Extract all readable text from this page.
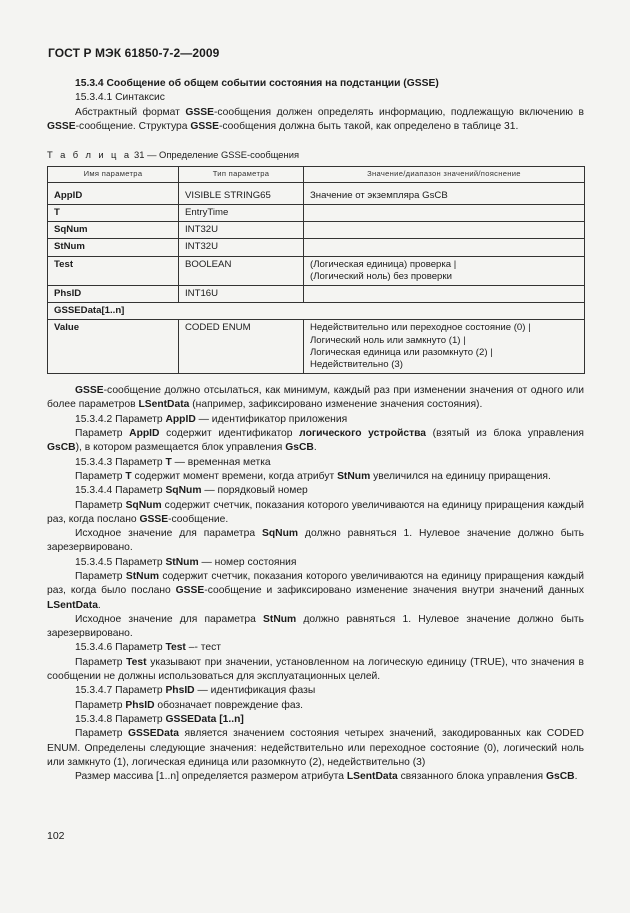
ГОСТ Р МЭК 61850-7-2—2009
15.3.4 Сообщение об общем событии состояния на подстанции (GSSE)
15.3.4.1 Синтаксис
Абстрактный формат GSSE-сообщения должен определять информацию, подлежащую включению в GSSE-сообщение. Структура GSSE-сообщения должна быть такой, как определено в таблице 31.
Т а б л и ц а 31 — Определение GSSE-сообщения
Имя параметра	Тип параметра	Значение/диапазон значений/пояснение

AppID	VISIBLE STRING65	Значение от экземпляра GsCB

T	EntryTime	
SqNum	INT32U	
StNum	INT32U	
Test	BOOLEAN	(Логическая единица) проверка |
(Логический ноль) без проверки

PhsID	INT16U	
GSSEData[1..n]		
Value	CODED ENUM	Недействительно или переходное состояние (0) |
Логический ноль или замкнуто (1) |
Логическая единица или разомкнуто (2) |
Недействительно (3)
GSSE-сообщение должно отсылаться, как минимум, каждый раз при изменении значения от одного или более параметров LSentData (например, зафиксировано изменение значения состояния).
15.3.4.2 Параметр AppID — идентификатор приложения
Параметр AppID содержит идентификатор логического устройства (взятый из блока управления GsCB), в котором размещается блок управления GsCB.
15.3.4.3 Параметр T — временная метка
Параметр T содержит момент времени, когда атрибут StNum увеличился на единицу приращения.
15.3.4.4 Параметр SqNum — порядковый номер
Параметр SqNum содержит счетчик, показания которого увеличиваются на единицу приращения каждый раз, когда послано GSSE-сообщение.
Исходное значение для параметра SqNum должно равняться 1. Нулевое значение должно быть зарезервировано.
15.3.4.5 Параметр StNum — номер состояния
Параметр StNum содержит счетчик, показания которого увеличиваются на единицу приращения каждый раз, когда было послано GSSE-сообщение и зафиксировано изменение значения внутри значений данных LSentData.
Исходное значение для параметра StNum должно равняться 1. Нулевое значение должно быть зарезервировано.
15.3.4.6 Параметр Test –- тест
Параметр Test указывают при значении, установленном на логическую единицу (TRUE), что значения в сообщении не должны использоваться для эксплуатационных целей.
15.3.4.7 Параметр PhsID — идентификация фазы
Параметр PhsID обозначает повреждение фаз.
15.3.4.8 Параметр GSSEData [1..n]
Параметр GSSEData является значением состояния четырех значений, закодированных как CODED ENUM. Определены следующие значения: недействительно или переходное состояние (0), логический ноль или замкнуто (1), логическая единица или разомкнуто (2), недействительно (3)
Размер массива [1..n] определяется размером атрибута LSentData связанного блока управления GsCB.
102
